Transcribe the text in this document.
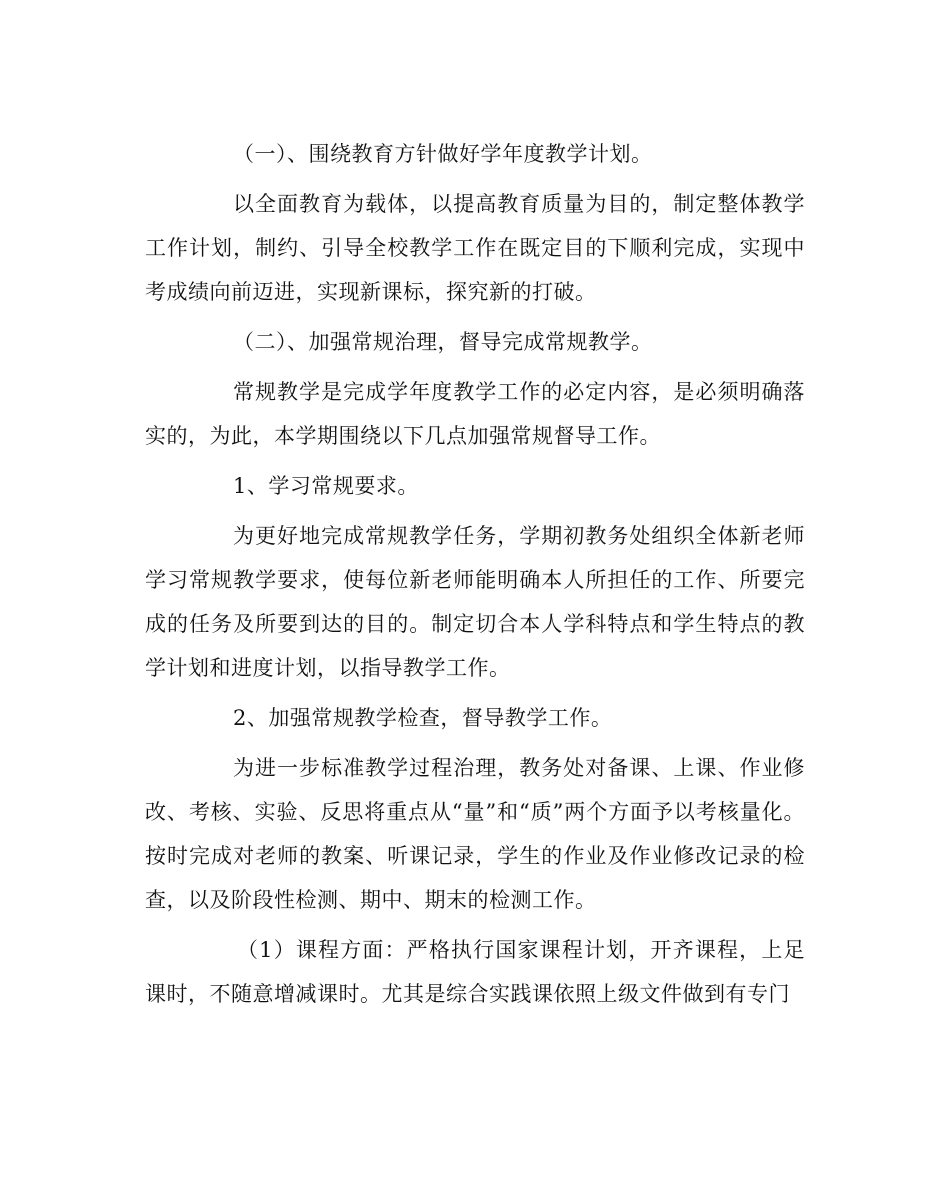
（一）、围绕教育方针做好学年度教学计划。

以全面教育为载体，以提高教育质量为目的，制定整体教学工作计划，制约、引导全校教学工作在既定目的下顺利完成，实现中考成绩向前迈进，实现新课标，探究新的打破。

（二）、加强常规治理，督导完成常规教学。

常规教学是完成学年度教学工作的必定内容，是必须明确落实的，为此，本学期围绕以下几点加强常规督导工作。

1、学习常规要求。

为更好地完成常规教学任务，学期初教务处组织全体新老师学习常规教学要求，使每位新老师能明确本人所担任的工作、所要完成的任务及所要到达的目的。制定切合本人学科特点和学生特点的教学计划和进度计划，以指导教学工作。

2、加强常规教学检查，督导教学工作。

为进一步标准教学过程治理，教务处对备课、上课、作业修改、考核、实验、反思将重点从“量”和“质”两个方面予以考核量化。按时完成对老师的教案、听课记录，学生的作业及作业修改记录的检查，以及阶段性检测、期中、期末的检测工作。

（1）课程方面：严格执行国家课程计划，开齐课程，上足课时，不随意增减课时。尤其是综合实践课依照上级文件做到有专门
